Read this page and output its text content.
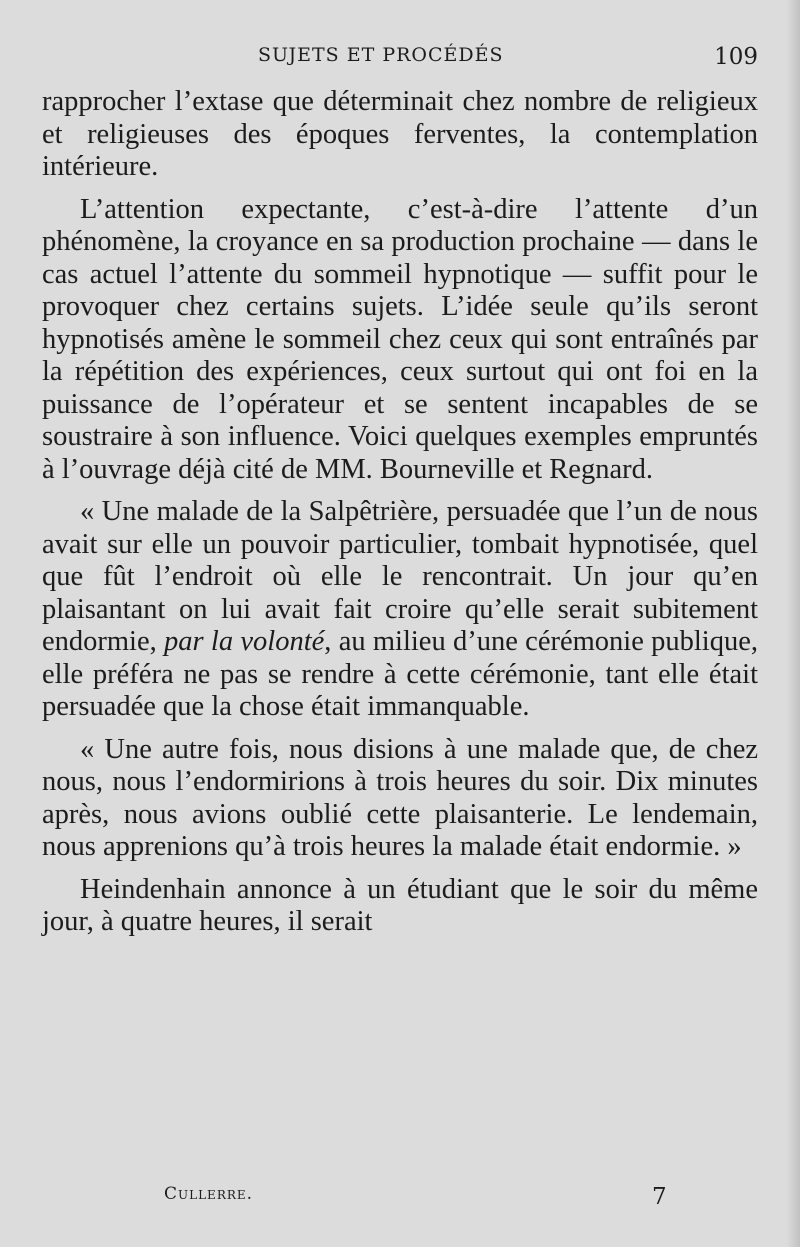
SUJETS ET PROCÉDÉS	109

rapprocher l’extase que déterminait chez nombre de religieux et religieuses des époques ferventes, la contemplation intérieure.

L’attention expectante, c’est-à-dire l’attente d’un phénomène, la croyance en sa production prochaine — dans le cas actuel l’attente du sommeil hypnotique — suffit pour le provoquer chez certains sujets. L’idée seule qu’ils seront hypnotisés amène le sommeil chez ceux qui sont entraînés par la répétition des expériences, ceux surtout qui ont foi en la puissance de l’opérateur et se sentent incapables de se soustraire à son influence. Voici quelques exemples empruntés à l’ouvrage déjà cité de MM. Bourneville et Regnard.

« Une malade de la Salpêtrière, persuadée que l’un de nous avait sur elle un pouvoir particulier, tombait hypnotisée, quel que fût l’endroit où elle le rencontrait. Un jour qu’en plaisantant on lui avait fait croire qu’elle serait subitement endormie, par la volonté, au milieu d’une cérémonie publique, elle préféra ne pas se rendre à cette cérémonie, tant elle était persuadée que la chose était immanquable.

« Une autre fois, nous disions à une malade que, de chez nous, nous l’endormirions à trois heures du soir. Dix minutes après, nous avions oublié cette plaisanterie. Le lendemain, nous apprenions qu’à trois heures la malade était endormie. »

Heindenhain annonce à un étudiant que le soir du même jour, à quatre heures, il serait

Cullerre.	7
